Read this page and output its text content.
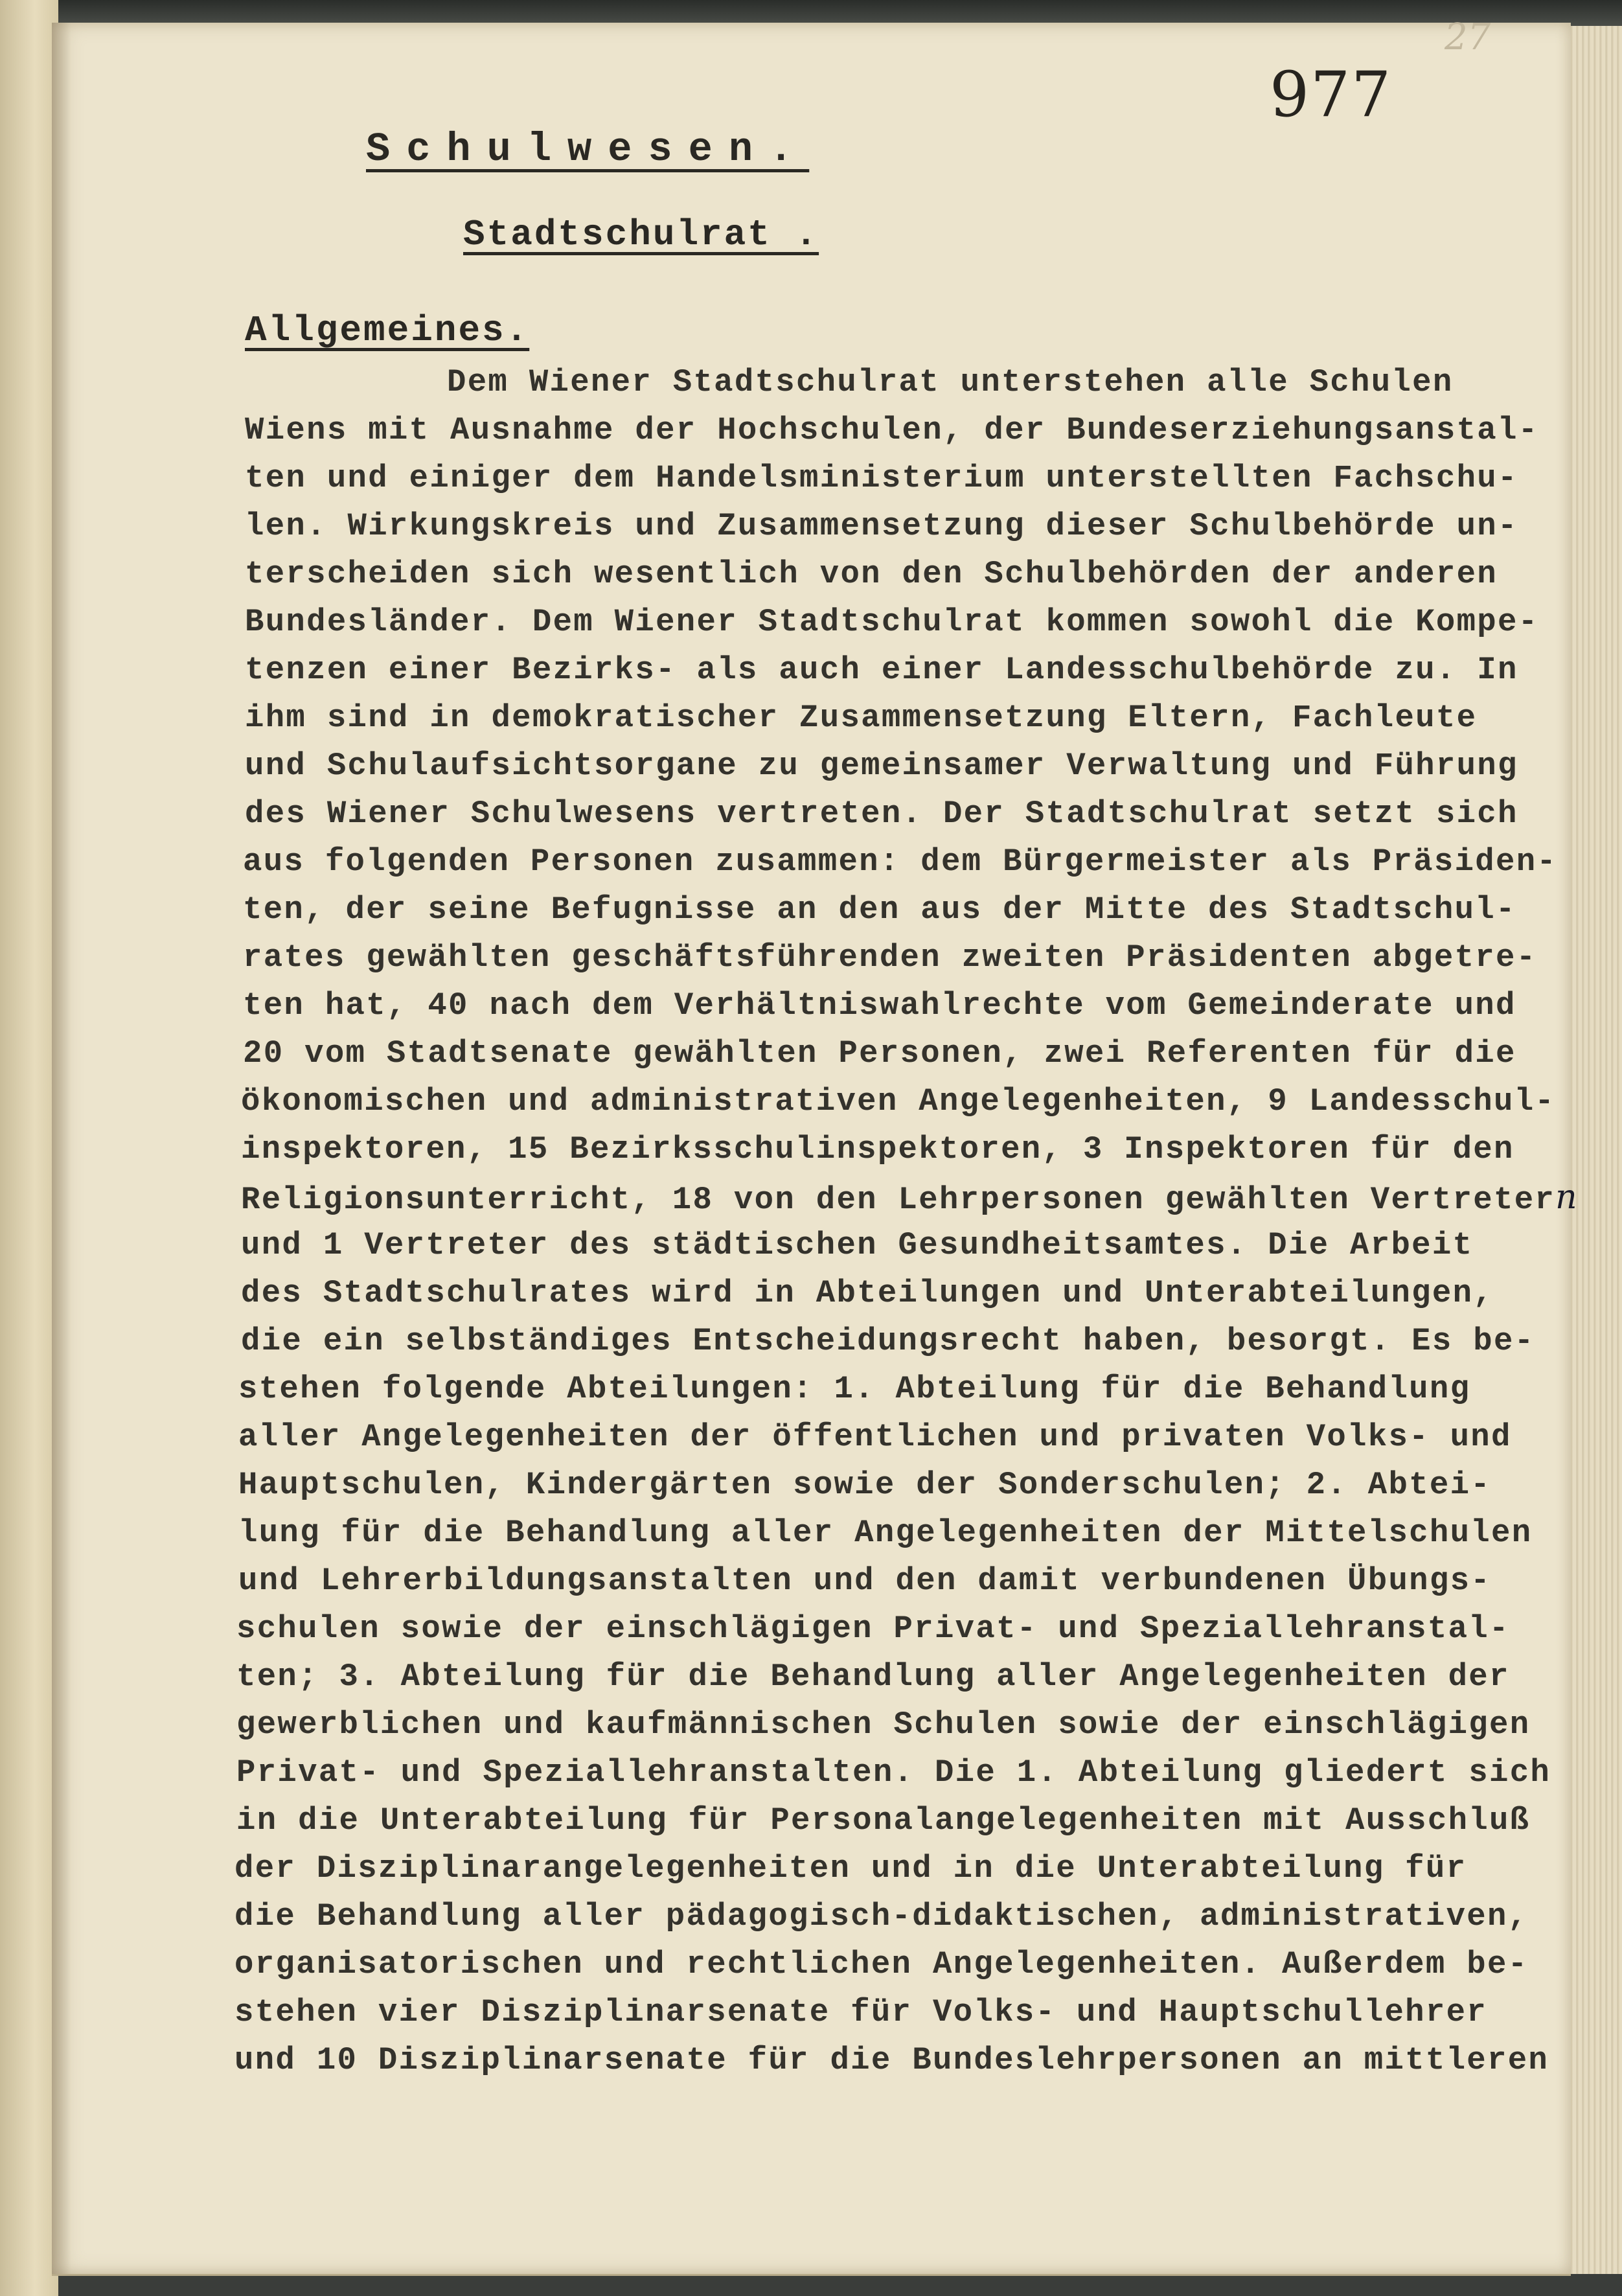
27
977
Schulwesen.
Stadtschulrat .
Allgemeines.

Dem Wiener Stadtschulrat unterstehen alle Schulen

Wiens mit Ausnahme der Hochschulen, der Bundeserziehungsanstal-

ten und einiger dem Handelsministerium unterstellten Fachschu-

len. Wirkungskreis und Zusammensetzung dieser Schulbehörde un-

terscheiden sich wesentlich von den Schulbehörden der anderen

Bundesländer. Dem Wiener Stadtschulrat kommen sowohl die Kompe-

tenzen einer Bezirks- als auch einer Landesschulbehörde zu. In

ihm sind in demokratischer Zusammensetzung Eltern, Fachleute

und Schulaufsichtsorgane zu gemeinsamer Verwaltung und Führung

des Wiener Schulwesens vertreten. Der Stadtschulrat setzt sich

aus folgenden Personen zusammen: dem Bürgermeister als Präsiden-

ten, der seine Befugnisse an den aus der Mitte des Stadtschul-

rates gewählten geschäftsführenden zweiten Präsidenten abgetre-

ten hat, 40 nach dem Verhältniswahlrechte vom Gemeinderate und

20 vom Stadtsenate gewählten Personen, zwei Referenten für die

ökonomischen und administrativen Angelegenheiten, 9 Landesschul-

inspektoren, 15 Bezirksschulinspektoren, 3 Inspektoren für den

Religionsunterricht, 18 von den Lehrpersonen gewählten Vertretern

und 1 Vertreter des städtischen Gesundheitsamtes. Die Arbeit

des Stadtschulrates wird in Abteilungen und Unterabteilungen,

die ein selbständiges Entscheidungsrecht haben, besorgt. Es be-

stehen folgende Abteilungen: 1. Abteilung für die Behandlung

aller Angelegenheiten der öffentlichen und privaten Volks- und

Hauptschulen, Kindergärten sowie der Sonderschulen; 2. Abtei-

lung für die Behandlung aller Angelegenheiten der Mittelschulen

und Lehrerbildungsanstalten und den damit verbundenen Übungs-

schulen sowie der einschlägigen Privat- und Speziallehranstal-

ten; 3. Abteilung für die Behandlung aller Angelegenheiten der

gewerblichen und kaufmännischen Schulen sowie der einschlägigen

Privat- und Speziallehranstalten. Die 1. Abteilung gliedert sich

in die Unterabteilung für Personalangelegenheiten mit Ausschluß

der Disziplinarangelegenheiten und in die Unterabteilung für

die Behandlung aller pädagogisch-didaktischen, administrativen,

organisatorischen und rechtlichen Angelegenheiten. Außerdem be-

stehen vier Disziplinarsenate für Volks- und Hauptschullehrer

und 10 Disziplinarsenate für die Bundeslehrpersonen an mittleren
